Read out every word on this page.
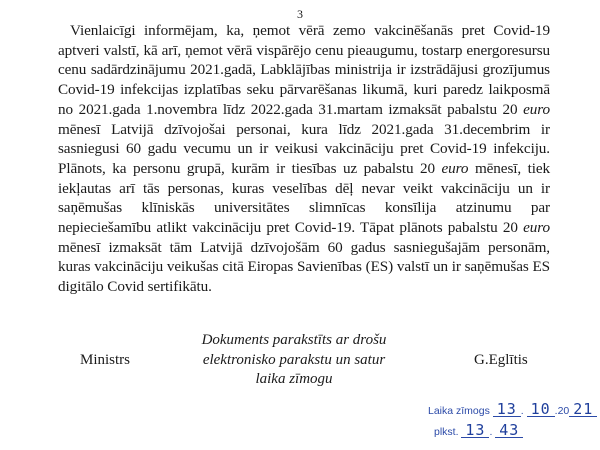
3

Vienlaicīgi informējam, ka, ņemot vērā zemo vakcinēšanās pret Covid-19 aptveri valstī, kā arī, ņemot vērā vispārējo cenu pieaugumu, tostarp energoresursu cenu sadārdzinājumu 2021.gadā, Labklājības ministrija ir izstrādājusi grozījumus Covid-19 infekcijas izplatības seku pārvarēšanas likumā, kuri paredz laikposmā no 2021.gada 1.novembra līdz 2022.gada 31.martam izmaksāt pabalstu 20 euro mēnesī Latvijā dzīvojošai personai, kura līdz 2021.gada 31.decembrim ir sasniegusi 60 gadu vecumu un ir veikusi vakcināciju pret Covid-19 infekciju. Plānots, ka personu grupā, kurām ir tiesības uz pabalstu 20 euro mēnesī, tiek iekļautas arī tās personas, kuras veselības dēļ nevar veikt vakcināciju un ir saņēmušas klīniskās universitātes slimnīcas konsīlija atzinumu par nepieciešamību atlikt vakcināciju pret Covid-19. Tāpat plānots pabalstu 20 euro mēnesī izmaksāt tām Latvijā dzīvojošām 60 gadus sasniegušajām personām, kuras vakcināciju veikušas citā Eiropas Savienības (ES) valstī un ir saņēmušas ES digitālo Covid sertifikātu.

Ministrs
Dokuments parakstīts ar drošu elektronisko parakstu un satur laika zīmogu
G.Eglītis
Laika zīmogs 13 . 10 .20 21
plkst. 13 . 43
